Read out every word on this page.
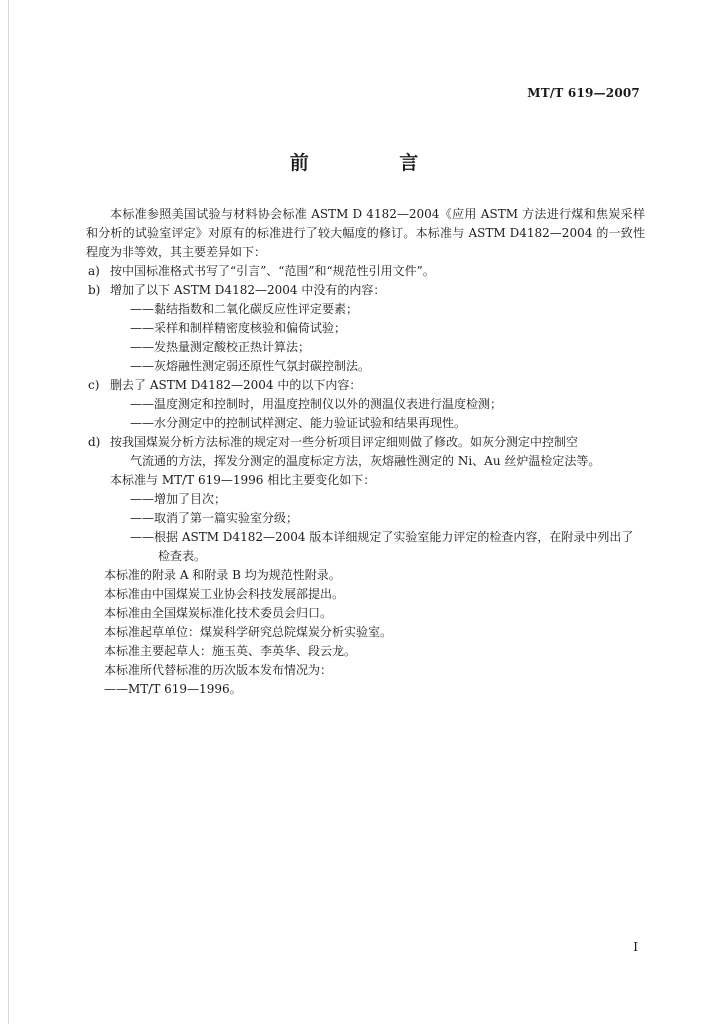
MT/T 619—2007
前 言
本标准参照美国试验与材料协会标准 ASTM D 4182—2004《应用 ASTM 方法进行煤和焦炭采样
和分析的试验室评定》对原有的标准进行了较大幅度的修订。本标准与 ASTM D4182—2004 的一致性
程度为非等效，其主要差异如下：
a) 按中国标准格式书写了“引言”、“范围”和“规范性引用文件”。
b) 增加了以下 ASTM D4182—2004 中没有的内容：
——黏结指数和二氧化碳反应性评定要素；
——采样和制样精密度核验和偏倚试验；
——发热量测定酸校正热计算法；
——灰熔融性测定弱还原性气氛封碳控制法。
c) 删去了 ASTM D4182—2004 中的以下内容：
——温度测定和控制时，用温度控制仪以外的测温仪表进行温度检测；
——水分测定中的控制试样测定、能力验证试验和结果再现性。
d) 按我国煤炭分析方法标准的规定对一些分析项目评定细则做了修改。如灰分测定中控制空
气流通的方法，挥发分测定的温度标定方法，灰熔融性测定的 Ni、Au 丝炉温检定法等。
本标准与 MT/T 619—1996 相比主要变化如下：
——增加了目次；
——取消了第一篇实验室分级；
——根据 ASTM D4182—2004 版本详细规定了实验室能力评定的检查内容，在附录中列出了
检查表。
本标准的附录 A 和附录 B 均为规范性附录。
本标准由中国煤炭工业协会科技发展部提出。
本标准由全国煤炭标准化技术委员会归口。
本标准起草单位：煤炭科学研究总院煤炭分析实验室。
本标准主要起草人：施玉英、李英华、段云龙。
本标准所代替标准的历次版本发布情况为：
——MT/T 619—1996。
I
